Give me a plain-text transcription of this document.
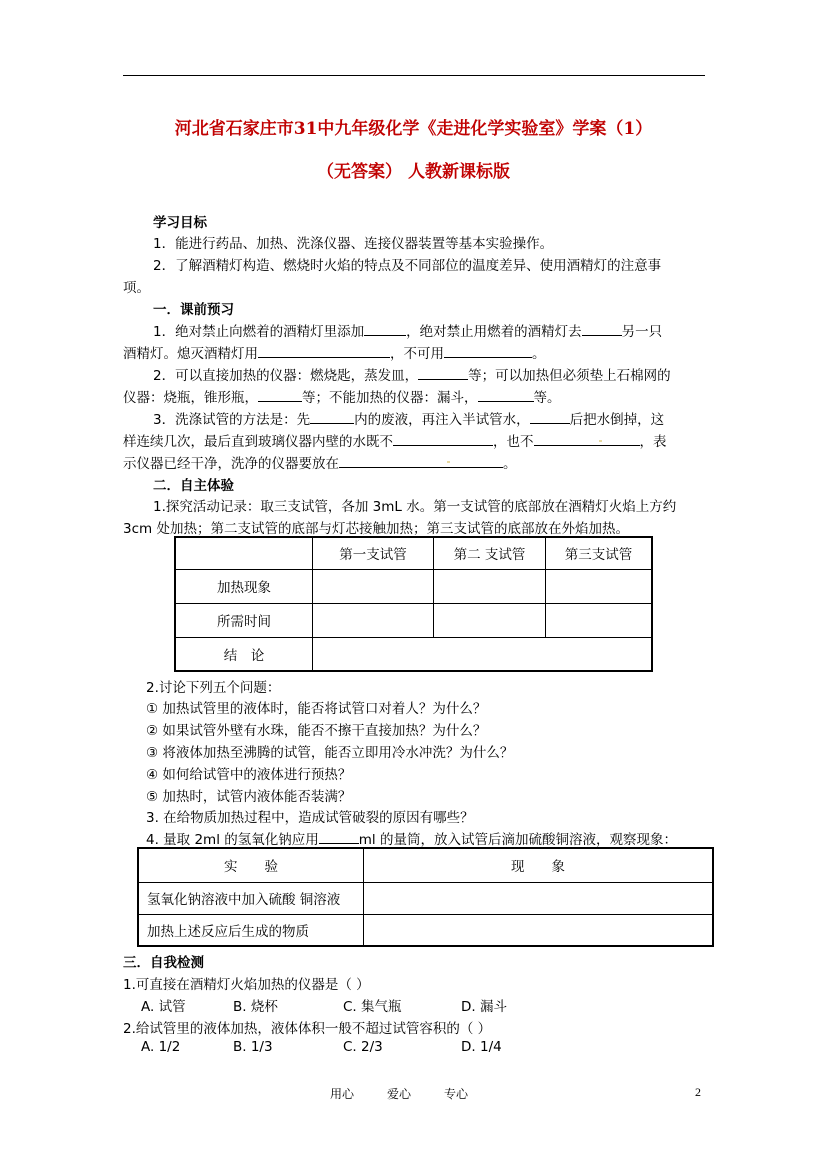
河北省石家庄市31中九年级化学《走进化学实验室》学案（1）
（无答案） 人教新课标版
学习目标
1．能进行药品、加热、洗涤仪器、连接仪器装置等基本实验操作。
2．了解酒精灯构造、燃烧时火焰的特点及不同部位的温度差异、使用酒精灯的注意事
项。
一．课前预习
1．绝对禁止向燃着的酒精灯里添加	，绝对禁止用燃着的酒精灯去	另一只
酒精灯。熄灭酒精灯用	，不可用	。
2．可以直接加热的仪器：燃烧匙，蒸发皿，	等；可以加热但必须垫上石棉网的
仪器：烧瓶，锥形瓶，	等；不能加热的仪器：漏斗，	等。
3．洗涤试管的方法是：先	内的废液，再注入半试管水，	后把水倒掉，这
样连续几次，最后直到玻璃仪器内壁的水既不	，也不	，表
示仪器已经干净，洗净的仪器要放在	。
二．自主体验
1.探究活动记录：取三支试管，各加 3mL 水。第一支试管的底部放在酒精灯火焰上方约
3cm 处加热；第二支试管的底部与灯芯接触加热；第三支试管的底部放在外焰加热。
	第一支试管	第二 支试管	第三支试管
加热现象			
所需时间			
结　论			
2.讨论下列五个问题：
① 加热试管里的液体时，能否将试管口对着人？为什么？
② 如果试管外壁有水珠，能否不擦干直接加热？为什么？
③ 将液体加热至沸腾的试管，能否立即用冷水冲洗？为什么？
④ 如何给试管中的液体进行预热？
⑤ 加热时，试管内液体能否装满？
3. 在给物质加热过程中，造成试管破裂的原因有哪些？
4. 量取 2ml 的氢氧化钠应用	ml 的量筒，放入试管后滴加硫酸铜溶液，观察现象：
实　　验	现　　象
氢氧化钠溶液中加入硫酸 铜溶液	
加热上述反应后生成的物质	
三．自我检测
1.可直接在酒精灯火焰加热的仪器是（ ）
A. 试管	B. 烧杯	C. 集气瓶	D. 漏斗
2.给试管里的液体加热，液体体积一般不超过试管容积的（ ）
A. 1/2	B. 1/3	C. 2/3	D. 1/4
用心	爱心	专心	2
